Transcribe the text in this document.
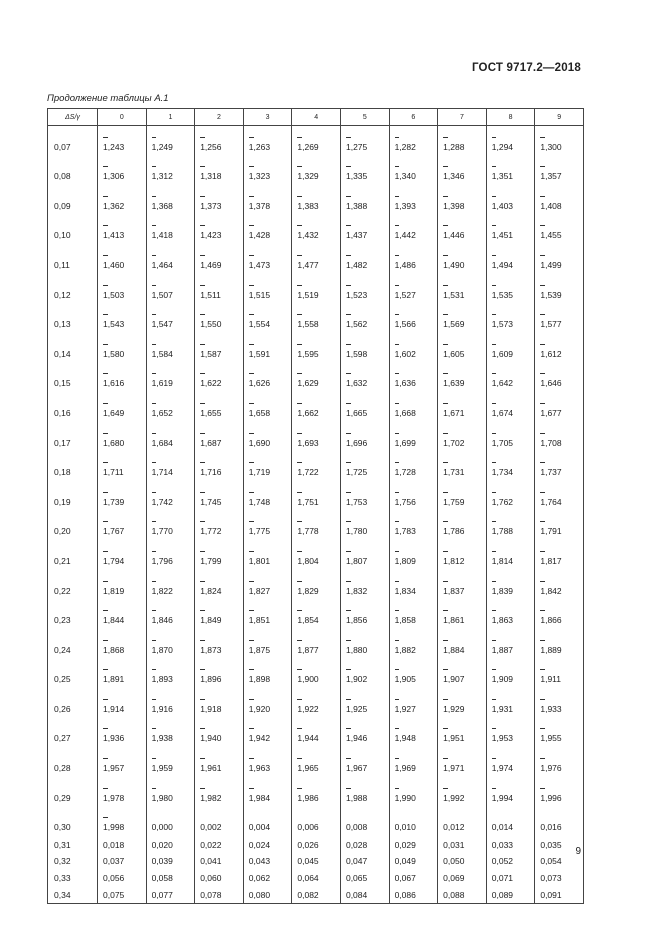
ГОСТ 9717.2—2018
Продолжение таблицы А.1
ΔS/γ	0	1	2	3	4	5	6	7	8	9
0,07	1,243	1,249	1,256	1,263	1,269	1,275	1,282	1,288	1,294	1,300
0,08	1,306	1,312	1,318	1,323	1,329	1,335	1,340	1,346	1,351	1,357
0,09	1,362	1,368	1,373	1,378	1,383	1,388	1,393	1,398	1,403	1,408
0,10	1,413	1,418	1,423	1,428	1,432	1,437	1,442	1,446	1,451	1,455
0,11	1,460	1,464	1,469	1,473	1,477	1,482	1,486	1,490	1,494	1,499
0,12	1,503	1,507	1,511	1,515	1,519	1,523	1,527	1,531	1,535	1,539
0,13	1,543	1,547	1,550	1,554	1,558	1,562	1,566	1,569	1,573	1,577
0,14	1,580	1,584	1,587	1,591	1,595	1,598	1,602	1,605	1,609	1,612
0,15	1,616	1,619	1,622	1,626	1,629	1,632	1,636	1,639	1,642	1,646
0,16	1,649	1,652	1,655	1,658	1,662	1,665	1,668	1,671	1,674	1,677
0,17	1,680	1,684	1,687	1,690	1,693	1,696	1,699	1,702	1,705	1,708
0,18	1,711	1,714	1,716	1,719	1,722	1,725	1,728	1,731	1,734	1,737
0,19	1,739	1,742	1,745	1,748	1,751	1,753	1,756	1,759	1,762	1,764
0,20	1,767	1,770	1,772	1,775	1,778	1,780	1,783	1,786	1,788	1,791
0,21	1,794	1,796	1,799	1,801	1,804	1,807	1,809	1,812	1,814	1,817
0,22	1,819	1,822	1,824	1,827	1,829	1,832	1,834	1,837	1,839	1,842
0,23	1,844	1,846	1,849	1,851	1,854	1,856	1,858	1,861	1,863	1,866
0,24	1,868	1,870	1,873	1,875	1,877	1,880	1,882	1,884	1,887	1,889
0,25	1,891	1,893	1,896	1,898	1,900	1,902	1,905	1,907	1,909	1,911
0,26	1,914	1,916	1,918	1,920	1,922	1,925	1,927	1,929	1,931	1,933
0,27	1,936	1,938	1,940	1,942	1,944	1,946	1,948	1,951	1,953	1,955
0,28	1,957	1,959	1,961	1,963	1,965	1,967	1,969	1,971	1,974	1,976
0,29	1,978	1,980	1,982	1,984	1,986	1,988	1,990	1,992	1,994	1,996
0,30	1,998	0,000	0,002	0,004	0,006	0,008	0,010	0,012	0,014	0,016
0,31	0,018	0,020	0,022	0,024	0,026	0,028	0,029	0,031	0,033	0,035
0,32	0,037	0,039	0,041	0,043	0,045	0,047	0,049	0,050	0,052	0,054
0,33	0,056	0,058	0,060	0,062	0,064	0,065	0,067	0,069	0,071	0,073
0,34	0,075	0,077	0,078	0,080	0,082	0,084	0,086	0,088	0,089	0,091
9
